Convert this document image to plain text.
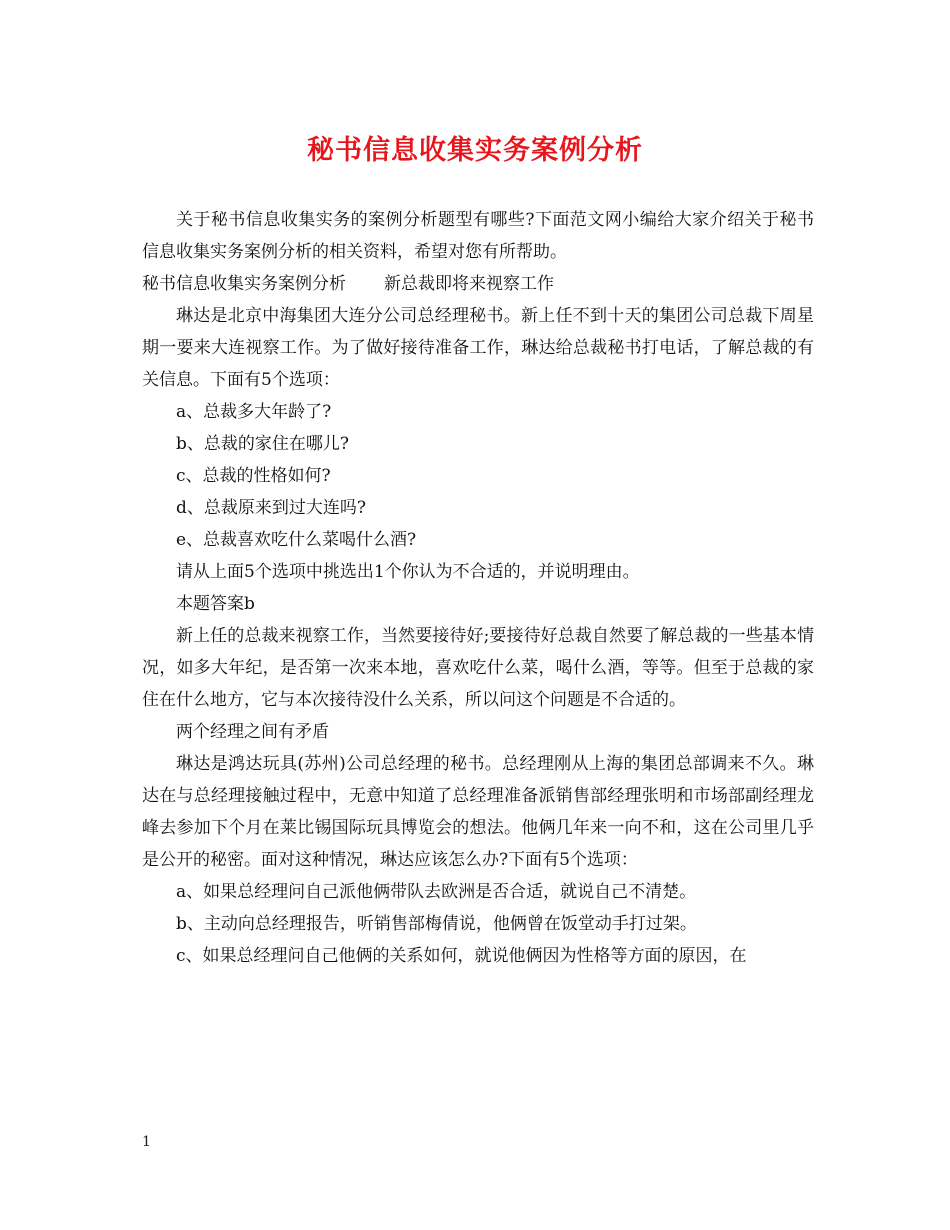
秘书信息收集实务案例分析

关于秘书信息收集实务的案例分析题型有哪些?下面范文网小编给大家介绍关于秘书信息收集实务案例分析的相关资料，希望对您有所帮助。

秘书信息收集实务案例分析 新总裁即将来视察工作

琳达是北京中海集团大连分公司总经理秘书。新上任不到十天的集团公司总裁下周星期一要来大连视察工作。为了做好接待准备工作，琳达给总裁秘书打电话，了解总裁的有关信息。下面有5个选项：

a、总裁多大年龄了?

b、总裁的家住在哪儿?

c、总裁的性格如何?

d、总裁原来到过大连吗?

e、总裁喜欢吃什么菜喝什么酒?

请从上面5个选项中挑选出1个你认为不合适的，并说明理由。

本题答案b

新上任的总裁来视察工作，当然要接待好;要接待好总裁自然要了解总裁的一些基本情况，如多大年纪，是否第一次来本地，喜欢吃什么菜，喝什么酒，等等。但至于总裁的家住在什么地方，它与本次接待没什么关系，所以问这个问题是不合适的。

两个经理之间有矛盾

琳达是鸿达玩具(苏州)公司总经理的秘书。总经理刚从上海的集团总部调来不久。琳达在与总经理接触过程中，无意中知道了总经理准备派销售部经理张明和市场部副经理龙峰去参加下个月在莱比锡国际玩具博览会的想法。他俩几年来一向不和，这在公司里几乎是公开的秘密。面对这种情况，琳达应该怎么办?下面有5个选项：

a、如果总经理问自己派他俩带队去欧洲是否合适，就说自己不清楚。

b、主动向总经理报告，听销售部梅倩说，他俩曾在饭堂动手打过架。

c、如果总经理问自己他俩的关系如何，就说他俩因为性格等方面的原因，在

1
